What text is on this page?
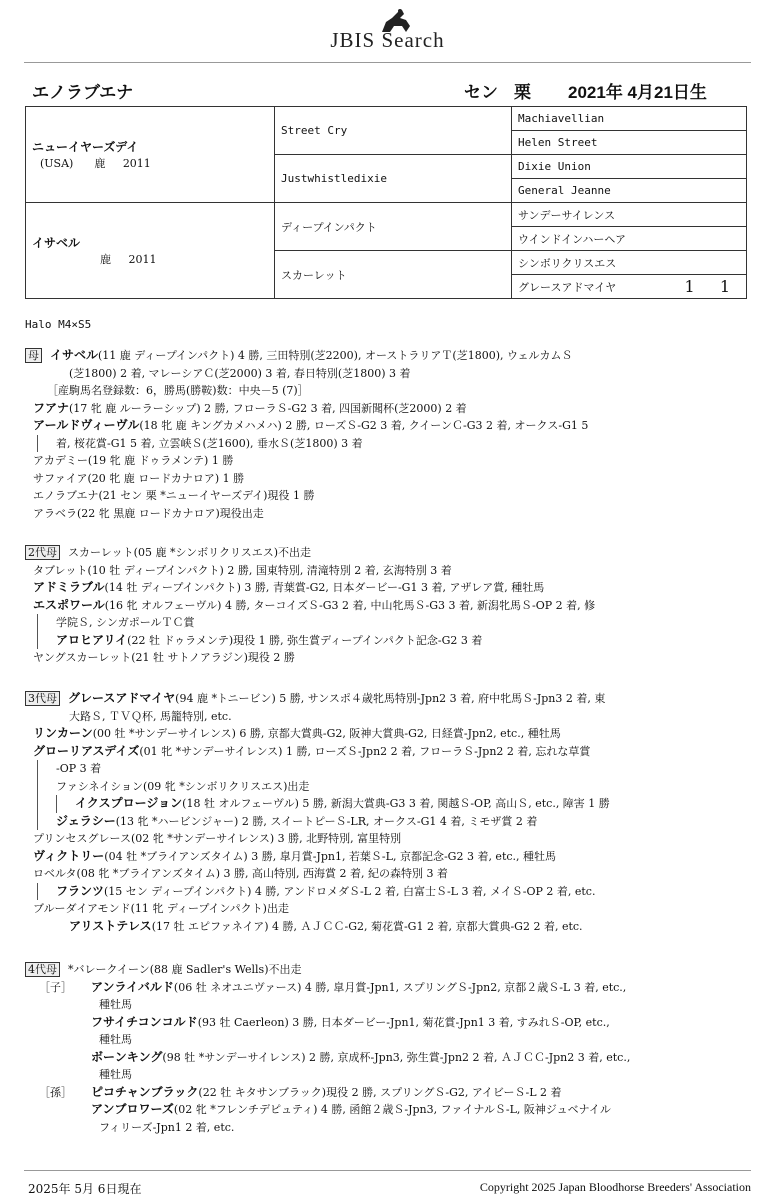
JBIS Search
エノラブエナ	セン 栗 2021年 4月21日生
ニューイヤーズデイ
(USA) 鹿 2011	Street Cry	Machiavellian
		Helen Street
	Justwhistledixie	Dixie Union
		General Jeanne

イサベル
鹿 2011	ディープインパクト	サンデーサイレンス
		ウインドインハーヘア
	スカーレット	シンボリクリスエス
		グレースアドマイヤ 1 1
Halo M4×S5
母 イサベル(11 鹿 ディープインパクト) 4 勝, 三田特別(芝2200), オーストラリアＴ(芝1800), ウェルカムＳ
(芝1800) 2 着, マレーシアＣ(芝2000) 3 着, 春日特別(芝1800) 3 着
［産駒馬名登録数：6，勝馬(勝鞍)数：中央－5 (7)］
フアナ(17 牝 鹿 ルーラーシップ) 2 勝, フローラＳ-G2 3 着, 四国新聞杯(芝2000) 2 着
アールドヴィーヴル(18 牝 鹿 キングカメハメハ) 2 勝, ローズＳ-G2 3 着, クイーンＣ-G3 2 着, オークス-G1 5
着, 桜花賞-G1 5 着, 立雲峡Ｓ(芝1600), 垂水Ｓ(芝1800) 3 着
アカデミー(19 牝 鹿 ドゥラメンテ) 1 勝
サファイア(20 牝 鹿 ロードカナロア) 1 勝
エノラブエナ(21 セン 栗 *ニューイヤーズデイ)現役 1 勝
アラベラ(22 牝 黒鹿 ロードカナロア)現役出走
2代母 スカーレット(05 鹿 *シンボリクリスエス)不出走
タブレット(10 牡 ディープインパクト) 2 勝, 国東特別, 清滝特別 2 着, 玄海特別 3 着
アドミラブル(14 牡 ディープインパクト) 3 勝, 青葉賞-G2, 日本ダービー-G1 3 着, アザレア賞, 種牡馬
エスポワール(16 牝 オルフェーヴル) 4 勝, ターコイズＳ-G3 2 着, 中山牝馬Ｓ-G3 3 着, 新潟牝馬Ｓ-OP 2 着, 修
学院Ｓ, シンガポールＴＣ賞
アロヒアリイ(22 牡 ドゥラメンテ)現役 1 勝, 弥生賞ディープインパクト記念-G2 3 着
ヤングスカーレット(21 牡 サトノアラジン)現役 2 勝
3代母 グレースアドマイヤ(94 鹿 *トニービン) 5 勝, サンスポ４歳牝馬特別-Jpn2 3 着, 府中牝馬Ｓ-Jpn3 2 着, 東
大路Ｓ, ＴＶＱ杯, 馬籠特別, etc.
リンカーン(00 牡 *サンデーサイレンス) 6 勝, 京都大賞典-G2, 阪神大賞典-G2, 日経賞-Jpn2, etc., 種牡馬
グローリアスデイズ(01 牝 *サンデーサイレンス) 1 勝, ローズＳ-Jpn2 2 着, フローラＳ-Jpn2 2 着, 忘れな草賞
-OP 3 着
ファシネイション(09 牝 *シンボリクリスエス)出走
イクスプロージョン(18 牡 オルフェーヴル) 5 勝, 新潟大賞典-G3 3 着, 関越Ｓ-OP, 高山Ｓ, etc., 障害 1 勝
ジェラシー(13 牝 *ハービンジャー) 2 勝, スイートピーＳ-LR, オークス-G1 4 着, ミモザ賞 2 着
プリンセスグレース(02 牝 *サンデーサイレンス) 3 勝, 北野特別, 富里特別
ヴィクトリー(04 牡 *ブライアンズタイム) 3 勝, 皐月賞-Jpn1, 若葉Ｓ-L, 京都記念-G2 3 着, etc., 種牡馬
ロベルタ(08 牝 *ブライアンズタイム) 3 勝, 高山特別, 西海賞 2 着, 紀の森特別 3 着
フランツ(15 セン ディープインパクト) 4 勝, アンドロメダＳ-L 2 着, 白富士Ｓ-L 3 着, メイＳ-OP 2 着, etc.
ブルーダイアモンド(11 牝 ディープインパクト)出走
アリストテレス(17 牡 エピファネイア) 4 勝, ＡＪＣＣ-G2, 菊花賞-G1 2 着, 京都大賞典-G2 2 着, etc.
4代母 *バレークイーン(88 鹿 Sadler's Wells)不出走
［子］ アンライバルド(06 牡 ネオユニヴァース) 4 勝, 皐月賞-Jpn1, スプリングＳ-Jpn2, 京都２歳Ｓ-L 3 着, etc.,
種牡馬
フサイチコンコルド(93 牡 Caerleon) 3 勝, 日本ダービー-Jpn1, 菊花賞-Jpn1 3 着, すみれＳ-OP, etc.,
種牡馬
ボーンキング(98 牡 *サンデーサイレンス) 2 勝, 京成杯-Jpn3, 弥生賞-Jpn2 2 着, ＡＪＣＣ-Jpn2 3 着, etc.,
種牡馬
［孫］ ピコチャンブラック(22 牡 キタサンブラック)現役 2 勝, スプリングＳ-G2, アイビーＳ-L 2 着
アンブロワーズ(02 牝 *フレンチデピュティ) 4 勝, 函館２歳Ｓ-Jpn3, ファイナルＳ-L, 阪神ジュベナイル
フィリーズ-Jpn1 2 着, etc.
2025年 5月 6日現在	Copyright 2025 Japan Bloodhorse Breeders' Association
